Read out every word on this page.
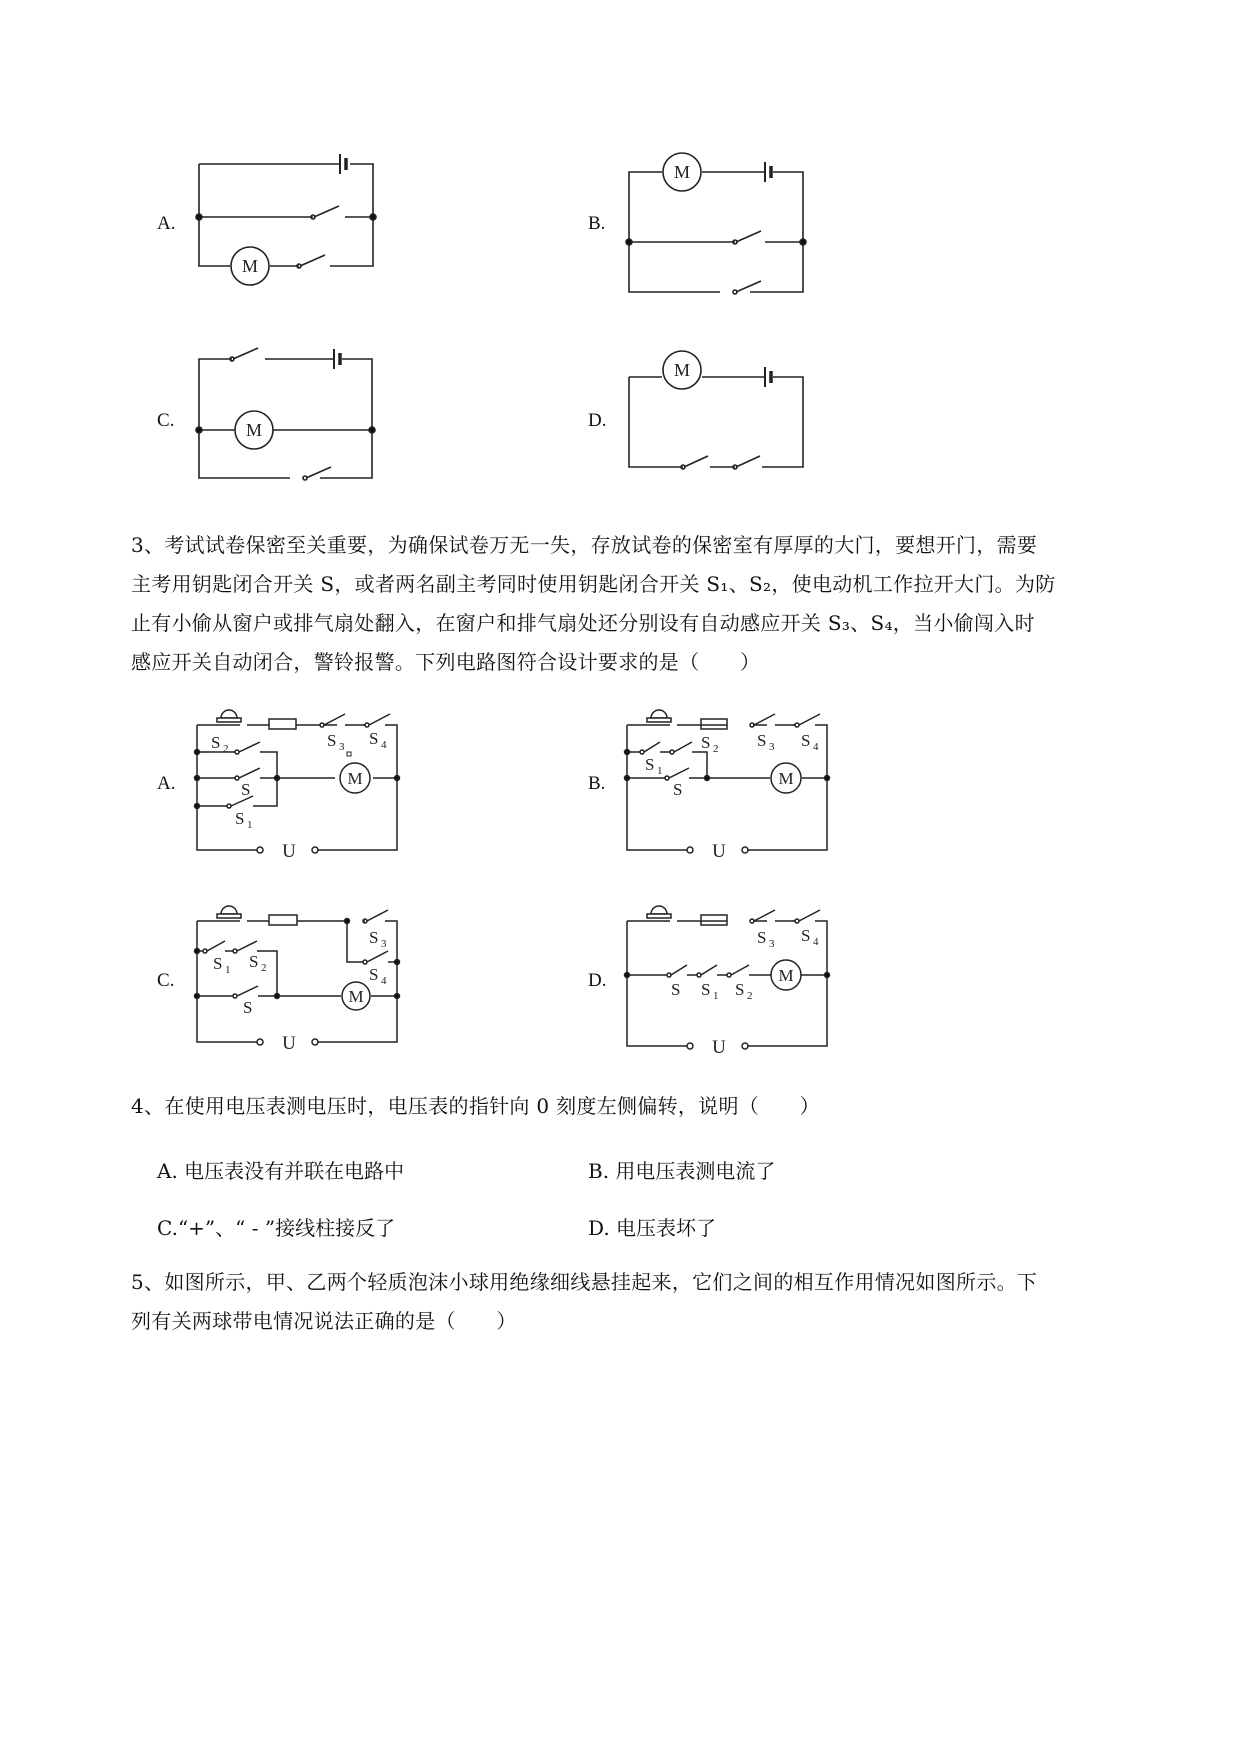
A.	B.
C.	D.
M
M
M
M
3、考试试卷保密至关重要，为确保试卷万无一失，存放试卷的保密室有厚厚的大门，要想开门，需要
主考用钥匙闭合开关 S，或者两名副主考同时使用钥匙闭合开关 S₁、S₂，使电动机工作拉开大门。为防
止有小偷从窗户或排气扇处翻入，在窗户和排气扇处还分别设有自动感应开关 S₃、S₄，当小偷闯入时
感应开关自动闭合，警铃报警。下列电路图符合设计要求的是（　　）
A.	B.
C.	D.
M
U
S 2
S
S 1
S 3 S 4
M
U
S 2
S 1
S
S 3 S 4
M
U
S 1 S 2
S
S 3
S 4	M
U
S S 1 S 2
S 3 S 4
4、在使用电压表测电压时，电压表的指针向 0 刻度左侧偏转，说明（　　）
A. 电压表没有并联在电路中	B. 用电压表测电流了
C.“+”、“ - ”接线柱接反了	D. 电压表坏了
5、如图所示，甲、乙两个轻质泡沫小球用绝缘细线悬挂起来，它们之间的相互作用情况如图所示。下
列有关两球带电情况说法正确的是（　　）
